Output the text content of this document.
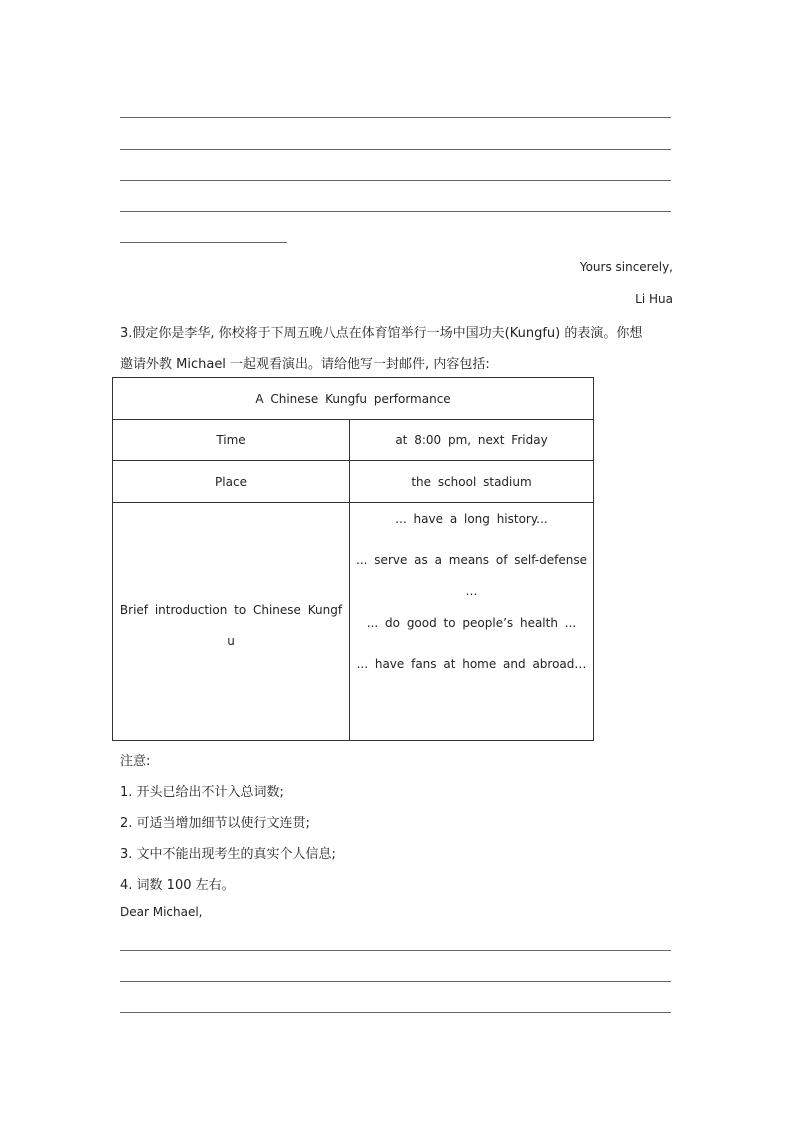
Yours sincerely,
Li Hua
3.假定你是李华, 你校将于下周五晚八点在体育馆举行一场中国功夫(Kungfu) 的表演。你想
邀请外教 Michael 一起观看演出。请给他写一封邮件, 内容包括:
A Chinese Kungfu performance	
Time	at 8:00 pm, next Friday
Place	the school stadium

Brief introduction to Chinese Kungf
u	... have a long history...
... serve as a means of self-defense
…
... do good to people’s health ...
... have fans at home and abroad…
注意:
1. 开头已给出不计入总词数;
2. 可适当增加细节以使行文连贯;
3. 文中不能出现考生的真实个人信息;
4. 词数 100 左右。
Dear Michael,
